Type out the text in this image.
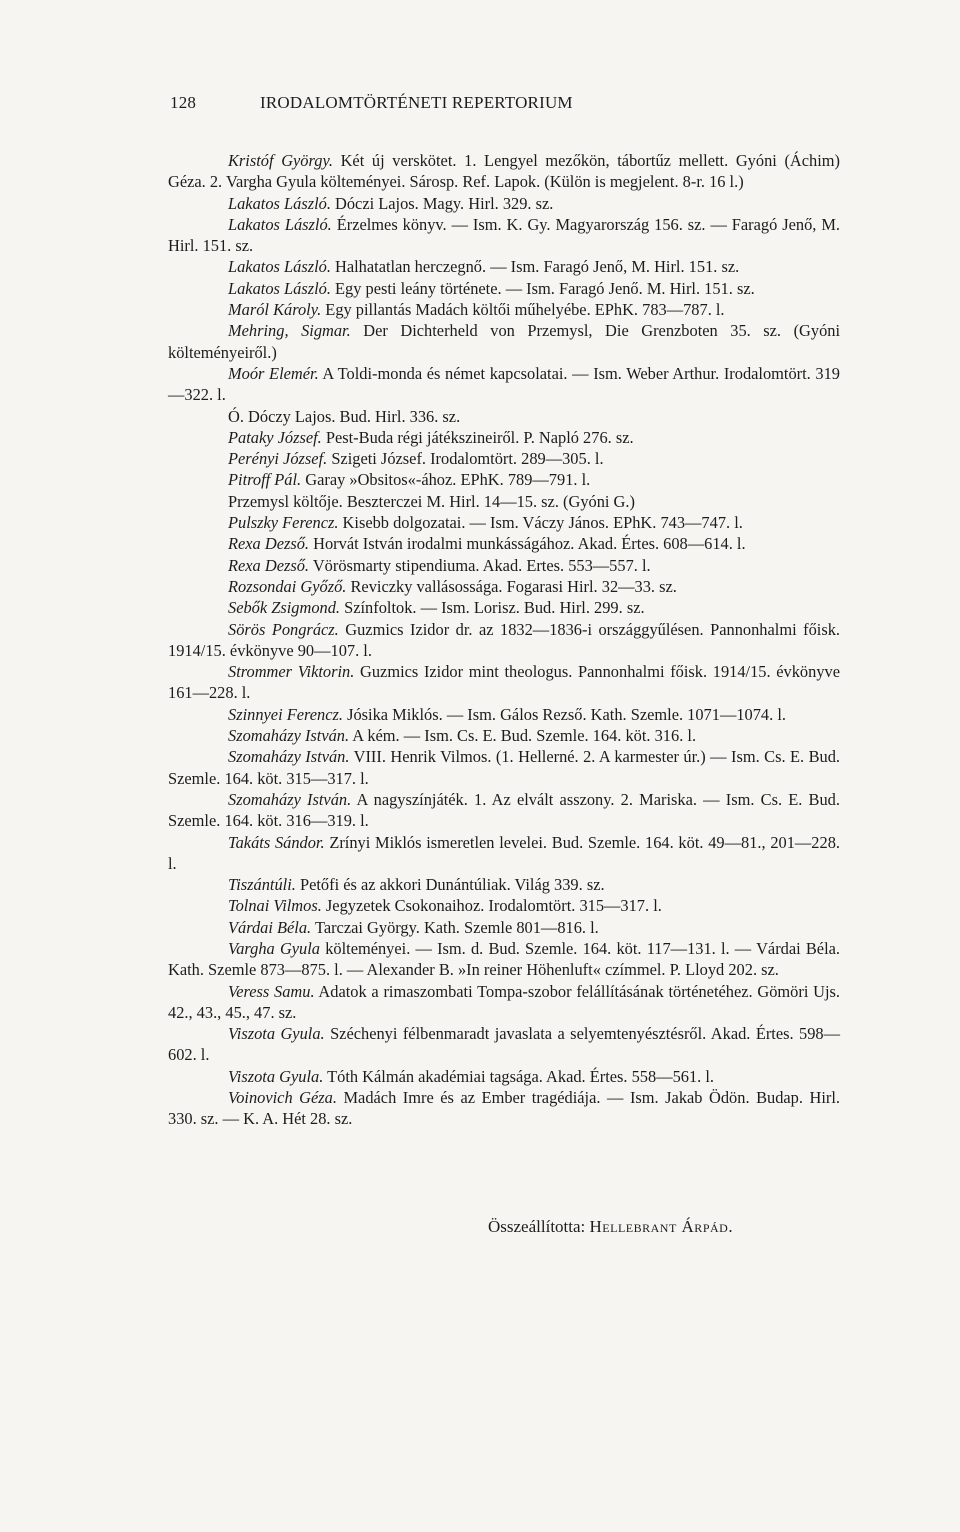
128	IRODALOMTÖRTÉNETI REPERTORIUM

Kristóf György. Két új verskötet. 1. Lengyel mezőkön, tábortűz mellett. Gyóni (Áchim) Géza. 2. Vargha Gyula költeményei. Sárosp. Ref. Lapok. (Külön is megjelent. 8-r. 16 l.)

Lakatos László. Dóczi Lajos. Magy. Hirl. 329. sz.

Lakatos László. Érzelmes könyv. — Ism. K. Gy. Magyarország 156. sz. — Faragó Jenő, M. Hirl. 151. sz.

Lakatos László. Halhatatlan herczegnő. — Ism. Faragó Jenő, M. Hirl. 151. sz.

Lakatos László. Egy pesti leány története. — Ism. Faragó Jenő. M. Hirl. 151. sz.

Maról Károly. Egy pillantás Madách költői műhelyébe. EPhK. 783—787. l.

Mehring, Sigmar. Der Dichterheld von Przemysl, Die Grenzboten 35. sz. (Gyóni költeményeiről.)

Moór Elemér. A Toldi-monda és német kapcsolatai. — Ism. Weber Arthur. Irodalomtört. 319—322. l.

Ó. Dóczy Lajos. Bud. Hirl. 336. sz.

Pataky József. Pest-Buda régi játékszineiről. P. Napló 276. sz.

Perényi József. Szigeti József. Irodalomtört. 289—305. l.

Pitroff Pál. Garay »Obsitos«-ához. EPhK. 789—791. l.

Przemysl költője. Beszterczei M. Hirl. 14—15. sz. (Gyóni G.)

Pulszky Ferencz. Kisebb dolgozatai. — Ism. Váczy János. EPhK. 743—747. l.

Rexa Dezső. Horvát István irodalmi munkásságához. Akad. Értes. 608—614. l.

Rexa Dezső. Vörösmarty stipendiuma. Akad. Ertes. 553—557. l.

Rozsondai Győző. Reviczky vallásossága. Fogarasi Hirl. 32—33. sz.

Sebők Zsigmond. Színfoltok. — Ism. Lorisz. Bud. Hirl. 299. sz.

Sörös Pongrácz. Guzmics Izidor dr. az 1832—1836-i országgyűlésen. Pannonhalmi főisk. 1914/15. évkönyve 90—107. l.

Strommer Viktorin. Guzmics Izidor mint theologus. Pannonhalmi főisk. 1914/15. évkönyve 161—228. l.

Szinnyei Ferencz. Jósika Miklós. — Ism. Gálos Rezső. Kath. Szemle. 1071—1074. l.

Szomaházy István. A kém. — Ism. Cs. E. Bud. Szemle. 164. köt. 316. l.

Szomaházy István. VIII. Henrik Vilmos. (1. Hellerné. 2. A karmester úr.) — Ism. Cs. E. Bud. Szemle. 164. köt. 315—317. l.

Szomaházy István. A nagyszínjáték. 1. Az elvált asszony. 2. Mariska. — Ism. Cs. E. Bud. Szemle. 164. köt. 316—319. l.

Takáts Sándor. Zrínyi Miklós ismeretlen levelei. Bud. Szemle. 164. köt. 49—81., 201—228. l.

Tiszántúli. Petőfi és az akkori Dunántúliak. Világ 339. sz.

Tolnai Vilmos. Jegyzetek Csokonaihoz. Irodalomtört. 315—317. l.

Várdai Béla. Tarczai György. Kath. Szemle 801—816. l.

Vargha Gyula költeményei. — Ism. d. Bud. Szemle. 164. köt. 117—131. l. — Várdai Béla. Kath. Szemle 873—875. l. — Alexander B. »In reiner Höhenluft« czímmel. P. Lloyd 202. sz.

Veress Samu. Adatok a rimaszombati Tompa-szobor felállításának történetéhez. Gömöri Ujs. 42., 43., 45., 47. sz.

Viszota Gyula. Széchenyi félbenmaradt javaslata a selyemtenyésztésről. Akad. Értes. 598—602. l.

Viszota Gyula. Tóth Kálmán akadémiai tagsága. Akad. Értes. 558—561. l.

Voinovich Géza. Madách Imre és az Ember tragédiája. — Ism. Jakab Ödön. Budap. Hirl. 330. sz. — K. A. Hét 28. sz.

Összeállította: Hellebrant Árpád.
